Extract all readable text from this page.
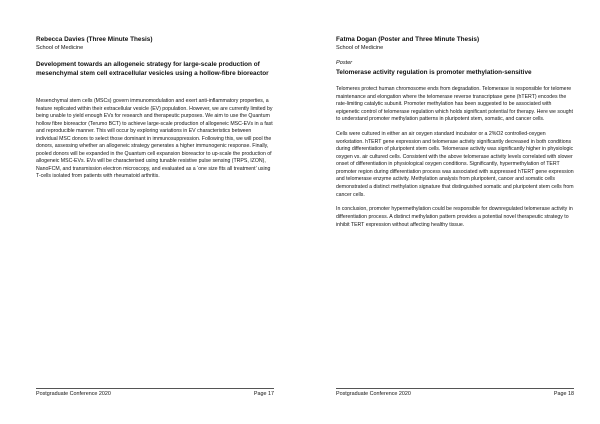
Rebecca Davies (Three Minute Thesis)
School of Medicine
Development towards an allogeneic strategy for large-scale production of mesenchymal stem cell extracellular vesicles using a hollow-fibre bioreactor

Mesenchymal stem cells (MSCs) govern immunomodulation and exert anti-inflammatory properties, a feature replicated within their extracellular vesicle (EV) population. However, we are currently limited by being unable to yield enough EVs for research and therapeutic purposes. We aim to use the Quantum hollow fibre bioreactor (Terumo BCT) to achieve large-scale production of allogeneic MSC-EVs in a fast and reproducible manner. This will occur by exploring variations in EV characteristics between individual MSC donors to select those dominant in immunosuppression. Following this, we will pool the donors, assessing whether an allogeneic strategy generates a higher immunogenic response. Finally, pooled donors will be expanded in the Quantum cell expansion bioreactor to up-scale the production of allogeneic MSC-EVs. EVs will be characterised using tunable resistive pulse sensing (TRPS, IZON), NanoFCM, and transmission electron microscopy, and evaluated as a ‘one size fits all treatment’ using T-cells isolated from patients with rheumatoid arthritis.

Postgraduate Conference 2020	Page 17
Fatma Dogan (Poster and Three Minute Thesis)
School of Medicine
Poster
Telomerase activity regulation is promoter methylation-sensitive

Telomeres protect human chromosome ends from degradation. Telomerase is responsible for telomere maintenance and elongation where the telomerase reverse transcriptase gene (hTERT) encodes the rate-limiting catalytic subunit. Promoter methylation has been suggested to be associated with epigenetic control of telomerase regulation which holds significant potential for therapy. Here we sought to understand promoter methylation patterns in pluripotent stem, somatic, and cancer cells.

Cells were cultured in either an air oxygen standard incubator or a 2%O2 controlled-oxygen workstation. hTERT gene expression and telomerase activity significantly decreased in both conditions during differentiation of pluripotent stem cells. Telomerase activity was significantly higher in physiologic oxygen vs. air cultured cells. Consistent with the above telomerase activity levels correlated with slower onset of differentiation in physiological oxygen conditions. Significantly, hypermethylation of TERT promoter region during differentiation process was associated with suppressed hTERT gene expression and telomerase enzyme activity. Methylation analysis from pluripotent, cancer and somatic cells demonstrated a distinct methylation signature that distinguished somatic and pluripotent stem cells from cancer cells.

In conclusion, promoter hypermethylation could be responsible for downregulated telomerase activity in differentiation process. A distinct methylation pattern provides a potential novel therapeutic strategy to inhibit TERT expression without affecting healthy tissue.

Postgraduate Conference 2020	Page 18
